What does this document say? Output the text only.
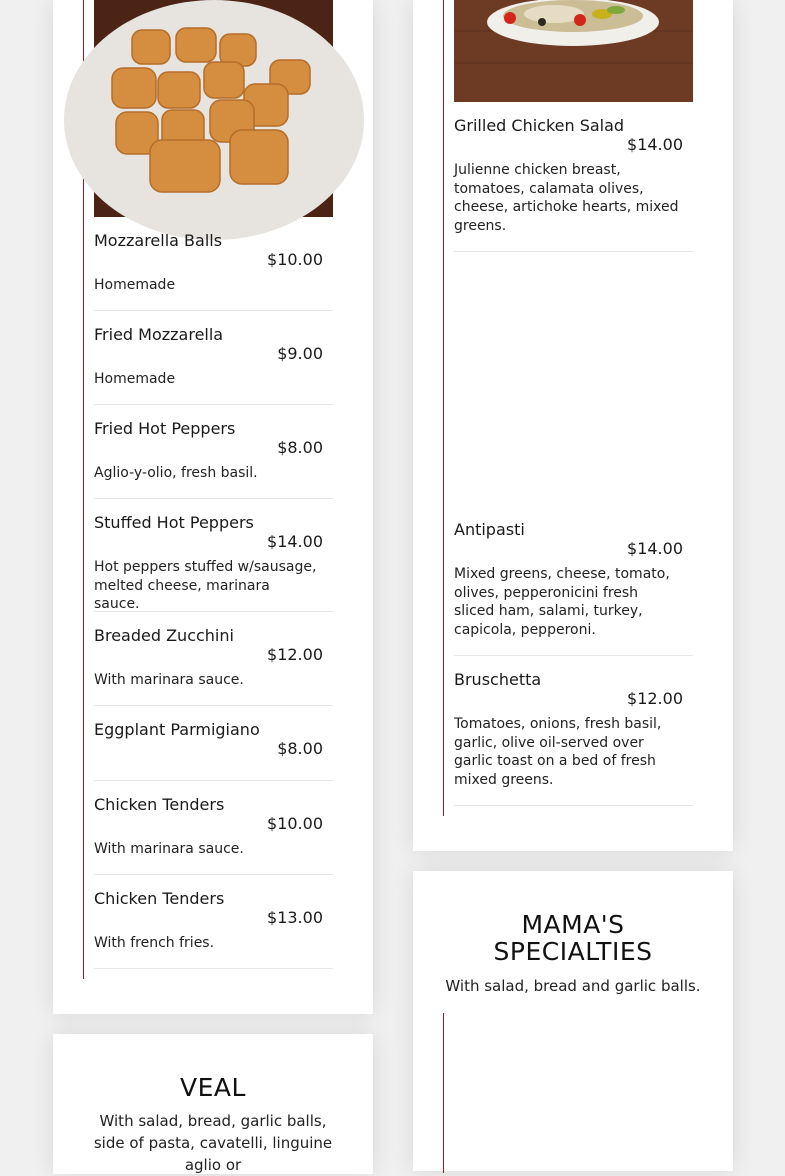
Mozzarella Balls
$10.00
Homemade
Fried Mozzarella
$9.00
Homemade
Fried Hot Peppers
$8.00
Aglio-y-olio, fresh basil.
Stuffed Hot Peppers
$14.00
Hot peppers stuffed w/sausage, melted cheese, marinara sauce.
Breaded Zucchini
$12.00
With marinara sauce.
Eggplant Parmigiano
$8.00
Chicken Tenders
$10.00
With marinara sauce.
Chicken Tenders
$13.00
With french fries.
Grilled Chicken Salad
$14.00
Julienne chicken breast, tomatoes, calamata olives, cheese, artichoke hearts, mixed greens.
Antipasti
$14.00
Mixed greens, cheese, tomato, olives, pepperonicini fresh sliced ham, salami, turkey, capicola, pepperoni.
Bruschetta
$12.00
Tomatoes, onions, fresh basil, garlic, olive oil-served over garlic toast on a bed of fresh mixed greens.
VEAL
With salad, bread, garlic balls, side of pasta, cavatelli, linguine aglio or
MAMA'S
SPECIALTIES
With salad, bread and garlic balls.
